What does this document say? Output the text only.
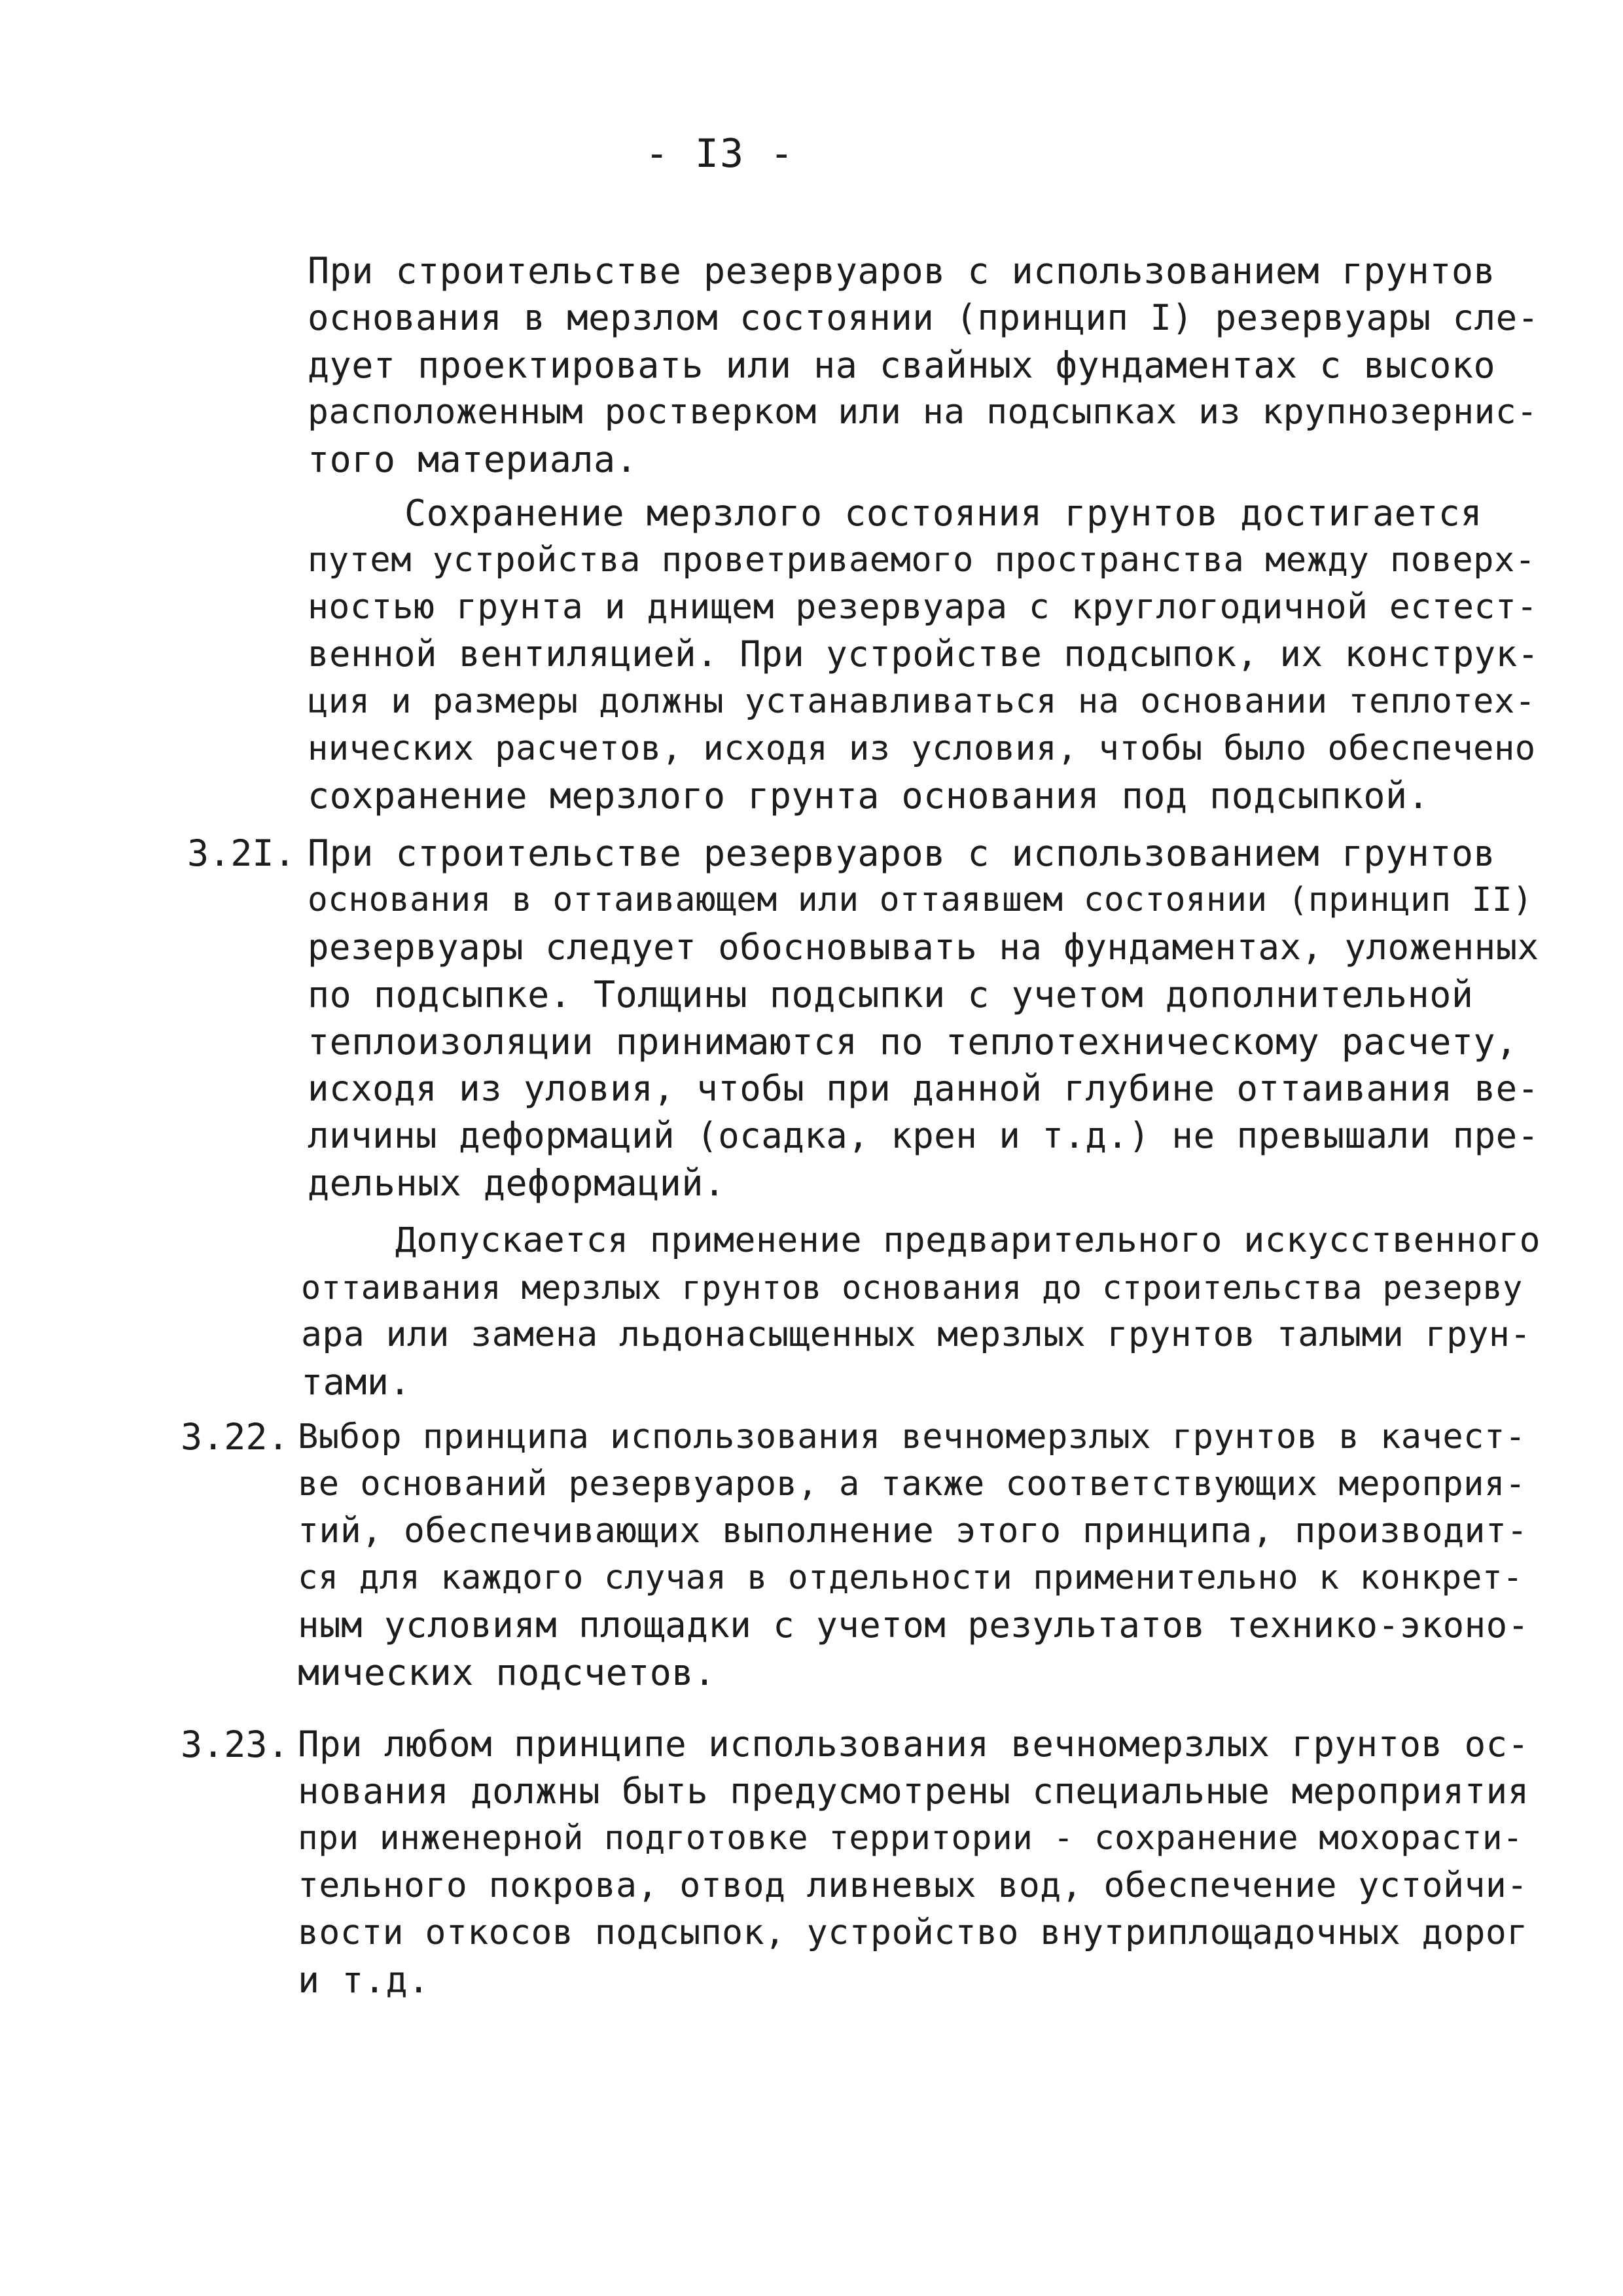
- I3 -
При строительстве резервуаров с использованием грунтов
основания в мерзлом состоянии (принцип I) резервуары сле-
дует проектировать или на свайных фундаментах с высоко
расположенным ростверком или на подсыпках из крупнозернис-
того материала.
Сохранение мерзлого состояния грунтов достигается
путем устройства проветриваемого пространства между поверх-
ностью грунта и днищем резервуара с круглогодичной естест-
венной вентиляцией. При устройстве подсыпок, их конструк-
ция и размеры должны устанавливаться на основании теплотех-
нических расчетов, исходя из условия, чтобы было обеспечено
сохранение мерзлого грунта основания под подсыпкой.
3.2I. При строительстве резервуаров с использованием грунтов
основания в оттаивающем или оттаявшем состоянии (принцип II)
резервуары следует обосновывать на фундаментах, уложенных
по подсыпке. Толщины подсыпки с учетом дополнительной
теплоизоляции принимаются по теплотехническому расчету,
исходя из уловия, чтобы при данной глубине оттаивания ве-
личины деформаций (осадка, крен и т.д.) не превышали пре-
дельных деформаций.
Допускается применение предварительного искусственного
оттаивания мерзлых грунтов основания до строительства резерву
ара или замена льдонасыщенных мерзлых грунтов талыми грун-
тами.
3.22. Выбор принципа использования вечномерзлых грунтов в качест-
ве оснований резервуаров, а также соответствующих мероприя-
тий, обеспечивающих выполнение этого принципа, производит-
ся для каждого случая в отдельности применительно к конкрет-
ным условиям площадки с учетом результатов технико-эконо-
мических подсчетов.
3.23. При любом принципе использования вечномерзлых грунтов ос-
нования должны быть предусмотрены специальные мероприятия
при инженерной подготовке территории - сохранение мохорасти-
тельного покрова, отвод ливневых вод, обеспечение устойчи-
вости откосов подсыпок, устройство внутриплощадочных дорог
и т.д.
